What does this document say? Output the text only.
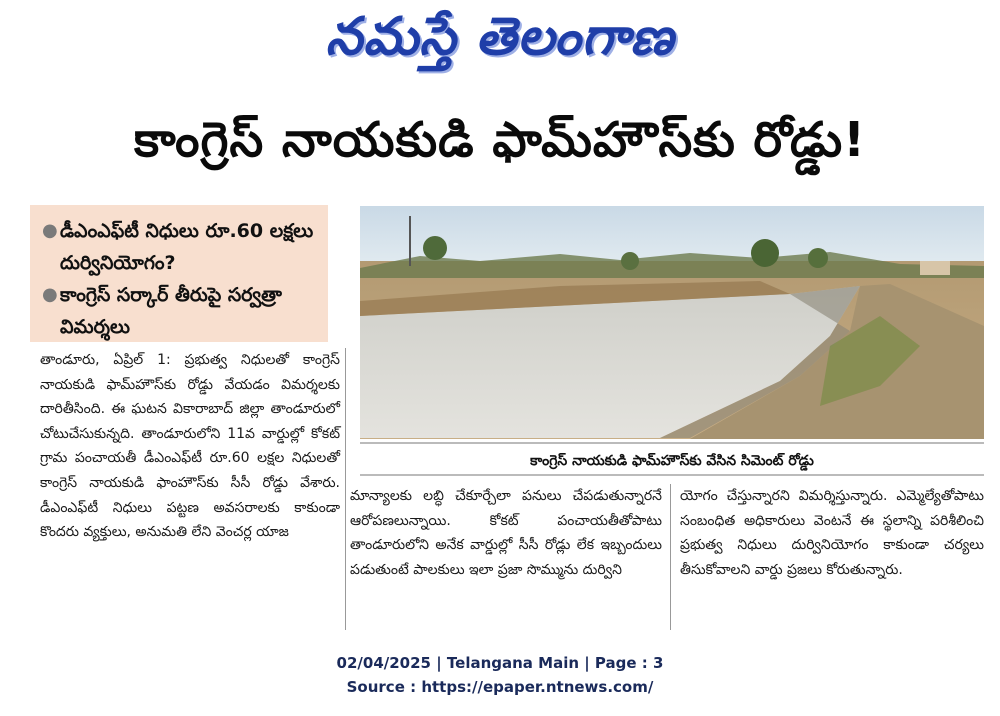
నమస్తే తెలంగాణ
కాంగ్రెస్ నాయకుడి ఫామ్‌హౌస్‌కు రోడ్డు!
● డీఎంఎఫ్‌టీ నిధులు రూ.60 లక్షలు దుర్వినియోగం?
● కాంగ్రెస్ సర్కార్ తీరుపై సర్వత్రా విమర్శలు
కాంగ్రెస్ నాయకుడి ఫామ్‌హౌస్‌కు వేసిన సిమెంట్ రోడ్డు

తాండూరు, ఏప్రిల్ 1: ప్రభుత్వ నిధులతో కాంగ్రెస్ నాయకుడి ఫామ్‌హౌస్‌కు రోడ్డు వేయడం విమర్శలకు దారితీసింది. ఈ ఘటన వికారాబాద్ జిల్లా తాండూరులో చోటుచేసుకున్నది. తాండూరులోని 11వ వార్డుల్లో కోకట్ గ్రామ పంచాయతీ డీఎంఎఫ్‌టీ రూ.60 లక్షల నిధులతో కాంగ్రెస్ నాయకుడి ఫాంహౌస్‌కు సీసీ రోడ్డు వేశారు. డీఎంఎఫ్‌టీ నిధులు పట్టణ అవసరాలకు కాకుండా కొందరు వ్యక్తులు, అనుమతి లేని వెంచర్ల యాజ

మాన్యాలకు లబ్ధి చేకూర్చేలా పనులు చేపడుతున్నారనే ఆరోపణలున్నాయి. కోకట్ పంచాయతీతోపాటు తాండూరులోని అనేక వార్డుల్లో సీసీ రోడ్లు లేక ఇబ్బందులు పడుతుంటే పాలకులు ఇలా ప్రజా సొమ్మును దుర్విని

యోగం చేస్తున్నారని విమర్శిస్తున్నారు. ఎమ్మెల్యేతోపాటు సంబంధిత అధికారులు వెంటనే ఈ స్థలాన్ని పరిశీలించి ప్రభుత్వ నిధులు దుర్వినియోగం కాకుండా చర్యలు తీసుకోవాలని వార్డు ప్రజలు కోరుతున్నారు.

02/04/2025 | Telangana Main | Page : 3
Source : https://epaper.ntnews.com/
